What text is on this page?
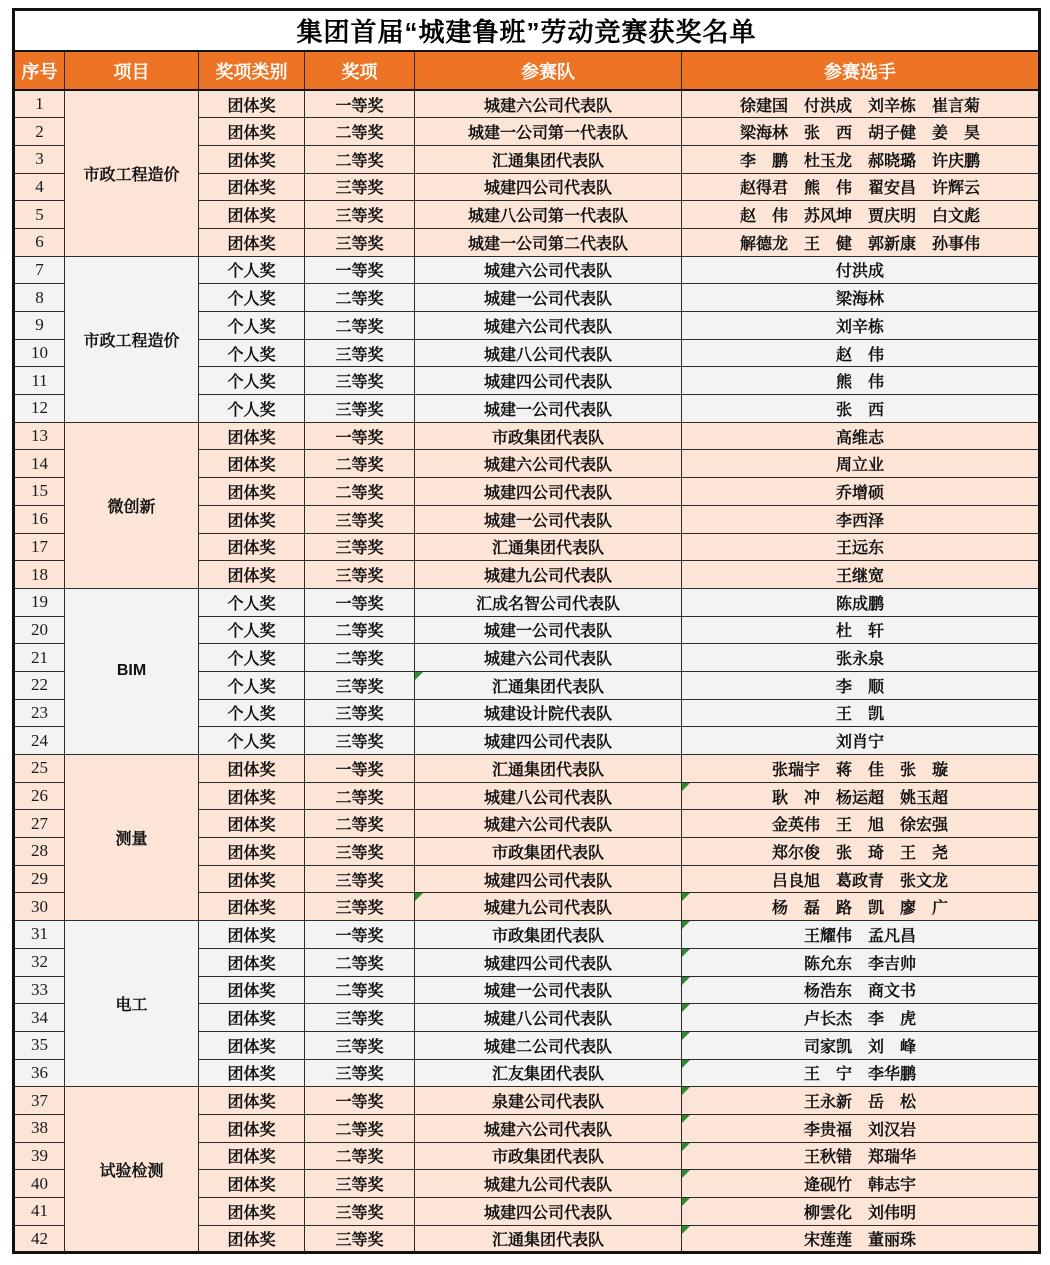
集团首届“城建鲁班”劳动竞赛获奖名单					
序号	项目	奖项类别	奖项	参赛队	参赛选手
1	市政工程造价	团体奖	一等奖	城建六公司代表队	徐建国　付洪成　刘辛栋　崔言菊
2		团体奖	二等奖	城建一公司第一代表队	梁海林　张　西　胡子健　姜　昊
3		团体奖	二等奖	汇通集团代表队	李　鹏　杜玉龙　郝晓璐　许庆鹏
4		团体奖	三等奖	城建四公司代表队	赵得君　熊　伟　翟安昌　许辉云
5		团体奖	三等奖	城建八公司第一代表队	赵　伟　苏风坤　贾庆明　白文彪
6		团体奖	三等奖	城建一公司第二代表队	解德龙　王　健　郭新康　孙事伟
7	市政工程造价	个人奖	一等奖	城建六公司代表队	付洪成
8		个人奖	二等奖	城建一公司代表队	梁海林
9		个人奖	二等奖	城建六公司代表队	刘辛栋
10		个人奖	三等奖	城建八公司代表队	赵　伟
11		个人奖	三等奖	城建四公司代表队	熊　伟
12		个人奖	三等奖	城建一公司代表队	张　西
13	微创新	团体奖	一等奖	市政集团代表队	高维志
14		团体奖	二等奖	城建六公司代表队	周立业
15		团体奖	二等奖	城建四公司代表队	乔增硕
16		团体奖	三等奖	城建一公司代表队	李西泽
17		团体奖	三等奖	汇通集团代表队	王远东
18		团体奖	三等奖	城建九公司代表队	王继宽
19	BIM	个人奖	一等奖	汇成名智公司代表队	陈成鹏
20		个人奖	二等奖	城建一公司代表队	杜　轩
21		个人奖	二等奖	城建六公司代表队	张永泉
22		个人奖	三等奖	汇通集团代表队	李　顺
23		个人奖	三等奖	城建设计院代表队	王　凯
24		个人奖	三等奖	城建四公司代表队	刘肖宁
25	测量	团体奖	一等奖	汇通集团代表队	张瑞宇　蒋　佳　张　璇
26		团体奖	二等奖	城建八公司代表队	耿　冲　杨运超　姚玉超
27		团体奖	二等奖	城建六公司代表队	金英伟　王　旭　徐宏强
28		团体奖	三等奖	市政集团代表队	郑尔俊　张　琦　王　尧
29		团体奖	三等奖	城建四公司代表队	吕良旭　葛政青　张文龙
30		团体奖	三等奖	城建九公司代表队	杨　磊　路　凯　廖　广
31	电工	团体奖	一等奖	市政集团代表队	王耀伟　孟凡昌
32		团体奖	二等奖	城建四公司代表队	陈允东　李吉帅
33		团体奖	二等奖	城建一公司代表队	杨浩东　商文书
34		团体奖	三等奖	城建八公司代表队	卢长杰　李　虎
35		团体奖	三等奖	城建二公司代表队	司家凯　刘　峰
36		团体奖	三等奖	汇友集团代表队	王　宁　李华鹏
37	试验检测	团体奖	一等奖	泉建公司代表队	王永新　岳　松
38		团体奖	二等奖	城建六公司代表队	李贵福　刘汉岩
39		团体奖	二等奖	市政集团代表队	王秋错　郑瑞华
40		团体奖	三等奖	城建九公司代表队	逄砚竹　韩志宇
41		团体奖	三等奖	城建四公司代表队	柳雲化　刘伟明
42		团体奖	三等奖	汇通集团代表队	宋莲莲　董丽珠
